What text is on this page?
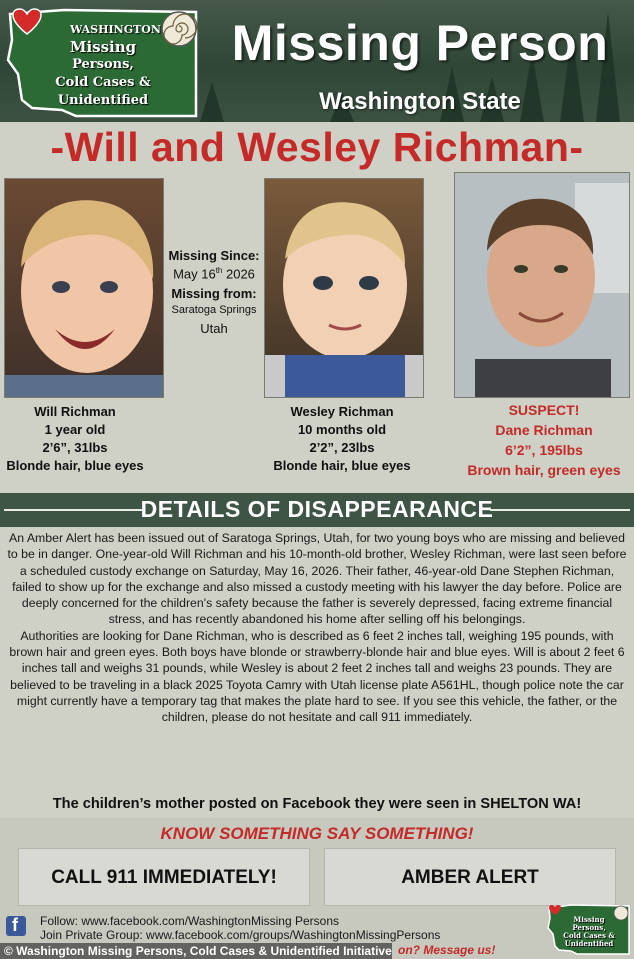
WASHINGTON
Missing
Persons,
Cold Cases &
Unidentified
Missing Person
Washington State
-Will and Wesley Richman-
Missing Since:
May 16th 2026
Missing from:
Saratoga Springs
Utah
Will Richman
1 year old
2’6”, 31lbs
Blonde hair, blue eyes
Wesley Richman
10 months old
2’2”, 23lbs
Blonde hair, blue eyes
SUSPECT!
Dane Richman
6’2”, 195lbs
Brown hair, green eyes
DETAILS OF DISAPPEARANCE

An Amber Alert has been issued out of Saratoga Springs, Utah, for two young boys who are missing and believed to be in danger. One-year-old Will Richman and his 10-month-old brother, Wesley Richman, were last seen before a scheduled custody exchange on Saturday, May 16, 2026. Their father, 46-year-old Dane Stephen Richman, failed to show up for the exchange and also missed a custody meeting with his lawyer the day before. Police are deeply concerned for the children's safety because the father is severely depressed, facing extreme financial stress, and has recently abandoned his home after selling off his belongings.

Authorities are looking for Dane Richman, who is described as 6 feet 2 inches tall, weighing 195 pounds, with brown hair and green eyes. Both boys have blonde or strawberry-blonde hair and blue eyes. Will is about 2 feet 6 inches tall and weighs 31 pounds, while Wesley is about 2 feet 2 inches tall and weighs 23 pounds. They are believed to be traveling in a black 2025 Toyota Camry with Utah license plate A561HL, though police note the car might currently have a temporary tag that makes the plate hard to see. If you see this vehicle, the father, or the children, please do not hesitate and call 911 immediately.

The children’s mother posted on Facebook they were seen in SHELTON WA!
KNOW SOMETHING SAY SOMETHING!
CALL 911 IMMEDIATELY!	AMBER ALERT
f Follow: www.facebook.com/WashingtonMissing Persons
Join Private Group: www.facebook.com/groups/WashingtonMissingPersons
on? Message us!
© Washington Missing Persons, Cold Cases & Unidentified Initiative
Missing
Persons,
Cold Cases &
Unidentified
